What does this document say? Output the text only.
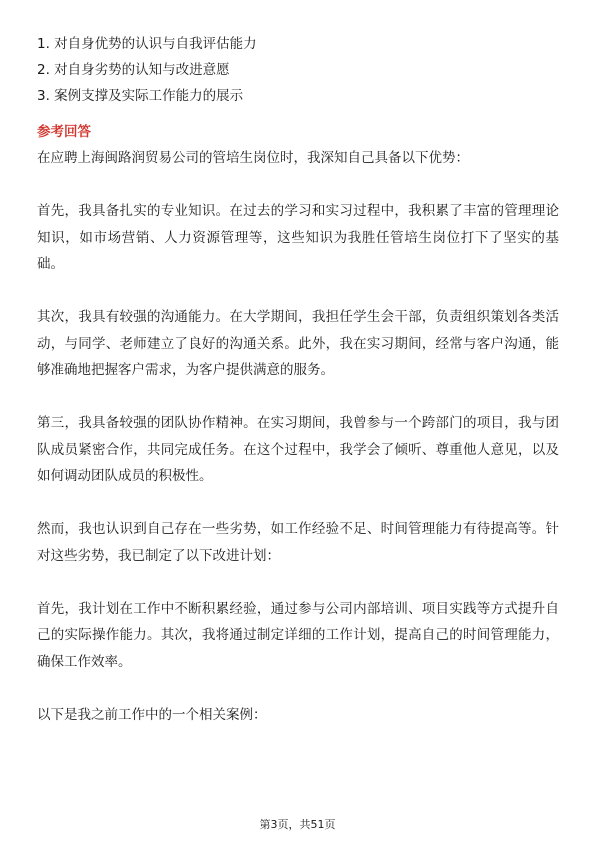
1. 对自身优势的认识与自我评估能力
2. 对自身劣势的认知与改进意愿
3. 案例支撑及实际工作能力的展示
参考回答

在应聘上海闽路润贸易公司的管培生岗位时，我深知自己具备以下优势：

首先，我具备扎实的专业知识。在过去的学习和实习过程中，我积累了丰富的管理理论知识，如市场营销、人力资源管理等，这些知识为我胜任管培生岗位打下了坚实的基础。

其次，我具有较强的沟通能力。在大学期间，我担任学生会干部，负责组织策划各类活动，与同学、老师建立了良好的沟通关系。此外，我在实习期间，经常与客户沟通，能够准确地把握客户需求，为客户提供满意的服务。

第三，我具备较强的团队协作精神。在实习期间，我曾参与一个跨部门的项目，我与团队成员紧密合作，共同完成任务。在这个过程中，我学会了倾听、尊重他人意见，以及如何调动团队成员的积极性。

然而，我也认识到自己存在一些劣势，如工作经验不足、时间管理能力有待提高等。针对这些劣势，我已制定了以下改进计划：

首先，我计划在工作中不断积累经验，通过参与公司内部培训、项目实践等方式提升自己的实际操作能力。其次，我将通过制定详细的工作计划，提高自己的时间管理能力，确保工作效率。

以下是我之前工作中的一个相关案例：

第3页，共51页
